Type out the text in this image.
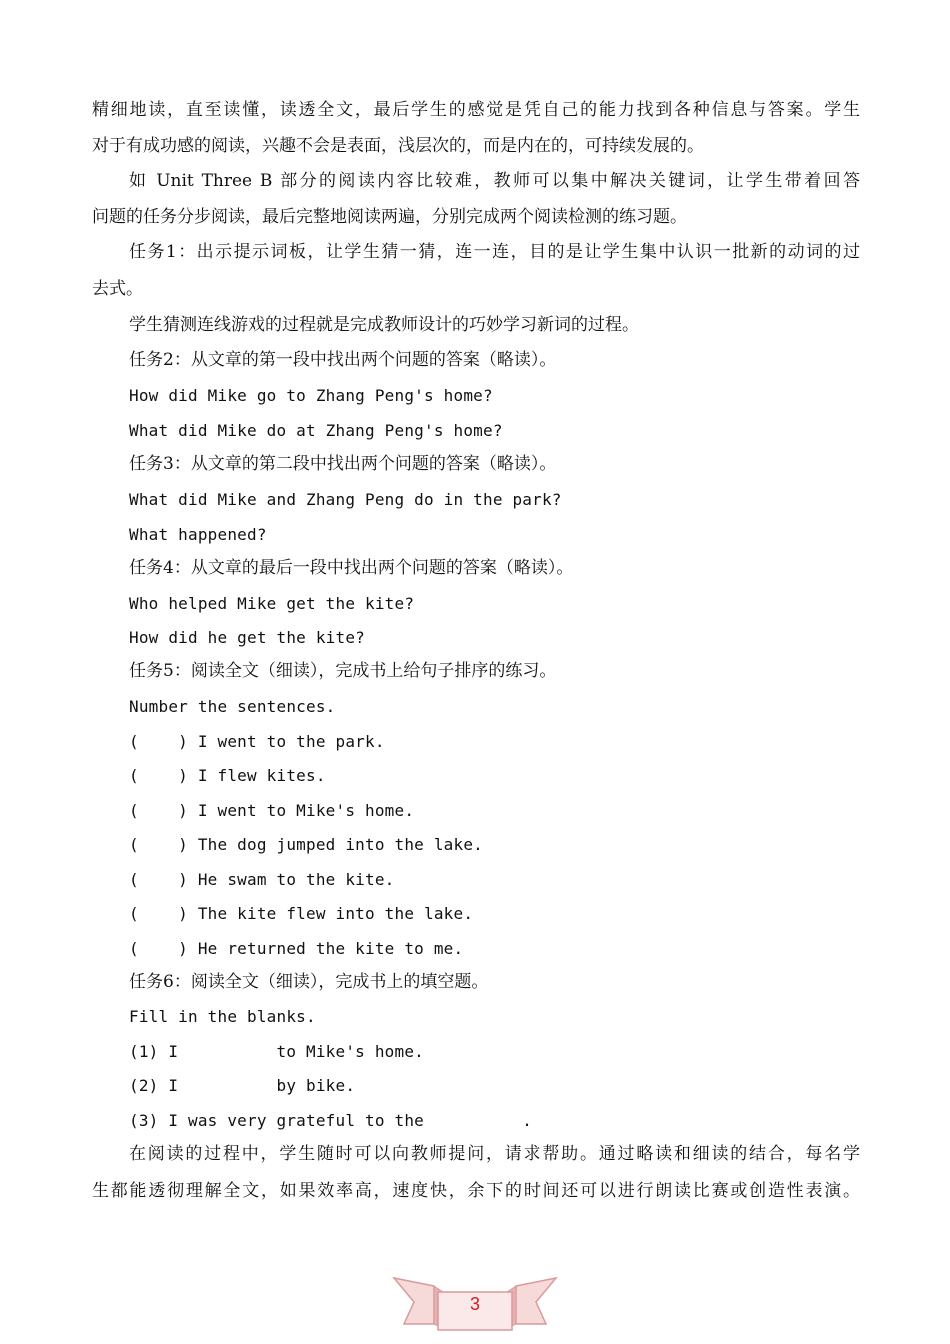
精细地读，直至读懂，读透全文，最后学生的感觉是凭自己的能力找到各种信息与答案。学生
对于有成功感的阅读，兴趣不会是表面，浅层次的，而是内在的，可持续发展的。
如 Unit Three B 部分的阅读内容比较难，教师可以集中解决关键词，让学生带着回答
问题的任务分步阅读，最后完整地阅读两遍，分别完成两个阅读检测的练习题。
任务1：出示提示词板，让学生猜一猜，连一连，目的是让学生集中认识一批新的动词的过
去式。
学生猜测连线游戏的过程就是完成教师设计的巧妙学习新词的过程。
任务2：从文章的第一段中找出两个问题的答案（略读）。
How did Mike go to Zhang Peng's home?
What did Mike do at Zhang Peng's home?
任务3：从文章的第二段中找出两个问题的答案（略读）。
What did Mike and Zhang Peng do in the park?
What happened?
任务4：从文章的最后一段中找出两个问题的答案（略读）。
Who helped Mike get the kite?
How did he get the kite?
任务5：阅读全文（细读），完成书上给句子排序的练习。
Number the sentences.
(    ) I went to the park.
(    ) I flew kites.
(    ) I went to Mike's home.
(    ) The dog jumped into the lake.
(    ) He swam to the kite.
(    ) The kite flew into the lake.
(    ) He returned the kite to me.
任务6：阅读全文（细读），完成书上的填空题。
Fill in the blanks.
(1) I          to Mike's home.
(2) I          by bike.
(3) I was very grateful to the          .
在阅读的过程中，学生随时可以向教师提问，请求帮助。通过略读和细读的结合，每名学
生都能透彻理解全文，如果效率高，速度快，余下的时间还可以进行朗读比赛或创造性表演。
3
